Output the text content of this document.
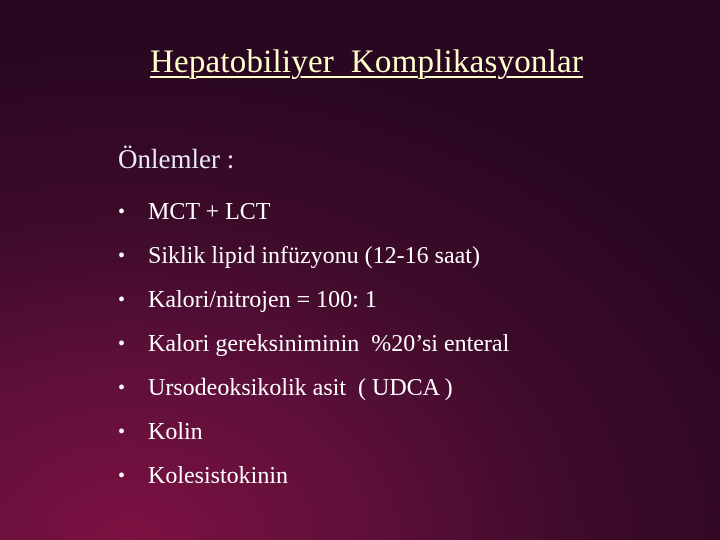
Hepatobiliyer  Komplikasyonlar
Önlemler :
• MCT + LCT
• Siklik lipid infüzyonu (12-16 saat)
• Kalori/nitrojen = 100: 1
• Kalori gereksiniminin  %20’si enteral
• Ursodeoksikolik asit  ( UDCA )
• Kolin
• Kolesistokinin
